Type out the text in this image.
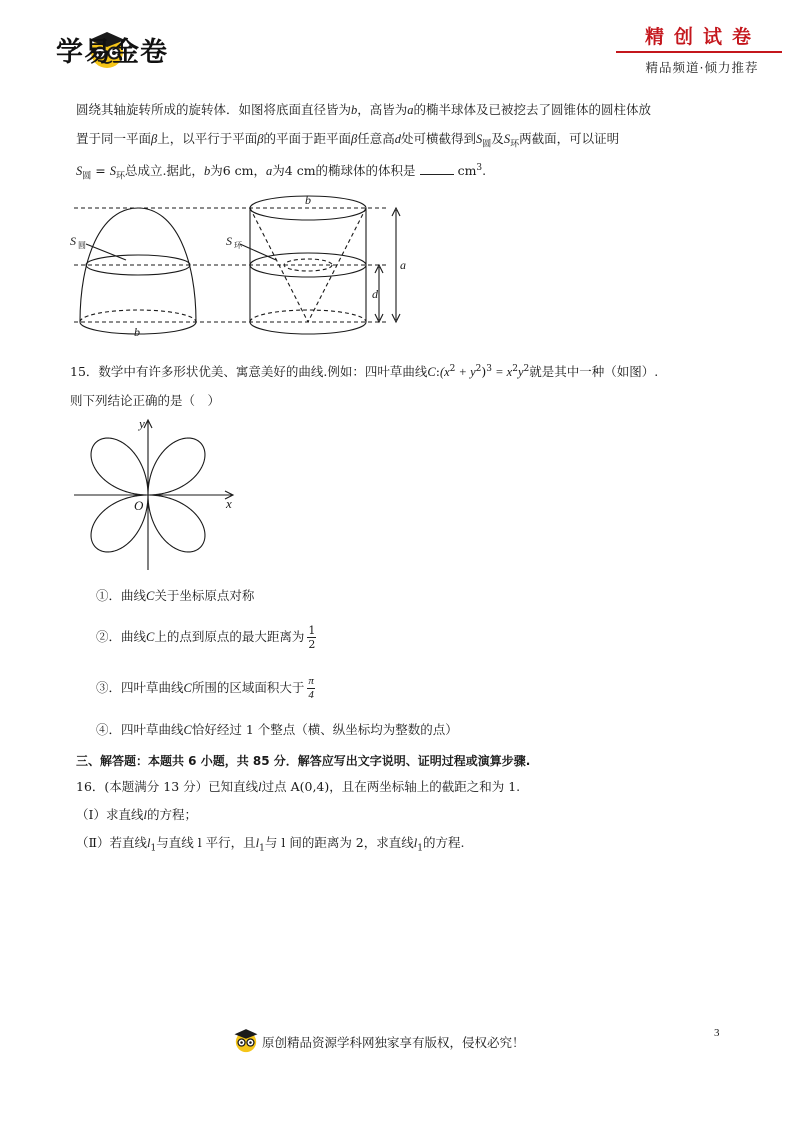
学易金卷	精创试卷
精品频道·倾力推荐
圆绕其轴旋转所成的旋转体．如图将底面直径皆为b，高皆为a的椭半球体及已被挖去了圆锥体的圆柱体放
置于同一平面β上，以平行于平面β的平面于距平面β任意高d处可横截得到$S_圆$及$S_环$两截面，可以证明
$S_圆 = S_环$总成立.据此，b为6 cm，a为4 cm的椭球体的体积是	$cm^3$.
S 圆	S 环
b
b
a
d
15．数学中有许多形状优美、寓意美好的曲线.例如：四叶草曲线$C:(x^2 + y^2)^3 = x^2y^2$就是其中一种（如图）.
则下列结论正确的是（　）
y
x
O
①．曲线C关于坐标原点对称
②．曲线C上的点到原点的最大距离为 $\frac{1}{2}$
③．四叶草曲线C所围的区域面积大于 $\frac{\pi}{4}$
④．四叶草曲线C恰好经过 1 个整点（横、纵坐标均为整数的点）
三、解答题：本题共 6 小题，共 85 分．解答应写出文字说明、证明过程或演算步骤.
16．(本题满分 13 分）已知直线l过点 A(0,4)，且在两坐标轴上的截距之和为 1.
（Ⅰ）求直线l的方程；
（Ⅱ）若直线$l_1$与直线 l 平行，且$l_1$与 l 间的距离为 2，求直线$l_1$的方程.
原创精品资源学科网独家享有版权，侵权必究！
3
